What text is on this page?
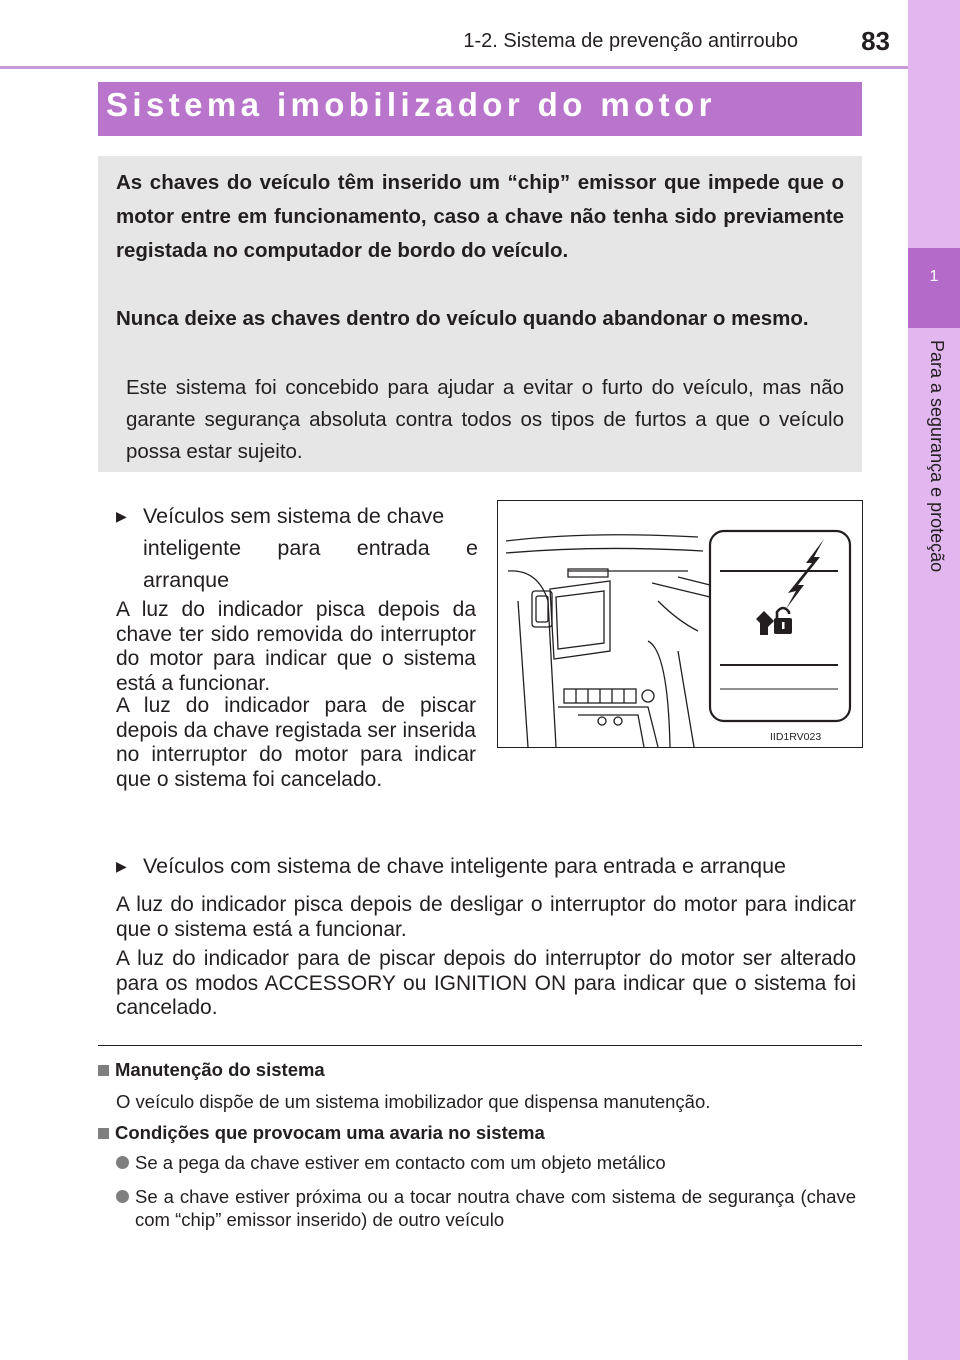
1-2. Sistema de prevenção antirroubo	83
1
Para a segurança e proteção
Sistema imobilizador do motor
As chaves do veículo têm inserido um “chip” emissor que impede que o motor entre em funcionamento, caso a chave não tenha sido previamente registada no computador de bordo do veículo.
Nunca deixe as chaves dentro do veículo quando abandonar o mesmo.
Este sistema foi concebido para ajudar a evitar o furto do veículo, mas não garante segurança absoluta contra todos os tipos de furtos a que o veículo possa estar sujeito.
▶ Veículos sem sistema de chave
inteligente para entrada e
arranque
A luz do indicador pisca depois da chave ter sido removida do interruptor do motor para indicar que o sistema está a funcionar.
A luz do indicador para de piscar depois da chave registada ser inserida no interruptor do motor para indicar que o sistema foi cancelado.
IID1RV023
▶ Veículos com sistema de chave inteligente para entrada e arranque
A luz do indicador pisca depois de desligar o interruptor do motor para indicar que o sistema está a funcionar.
A luz do indicador para de piscar depois do interruptor do motor ser alterado para os modos ACCESSORY ou IGNITION ON para indicar que o sistema foi cancelado.
Manutenção do sistema
O veículo dispõe de um sistema imobilizador que dispensa manutenção.
Condições que provocam uma avaria no sistema
Se a pega da chave estiver em contacto com um objeto metálico
Se a chave estiver próxima ou a tocar noutra chave com sistema de segurança (chave com “chip” emissor inserido) de outro veículo
